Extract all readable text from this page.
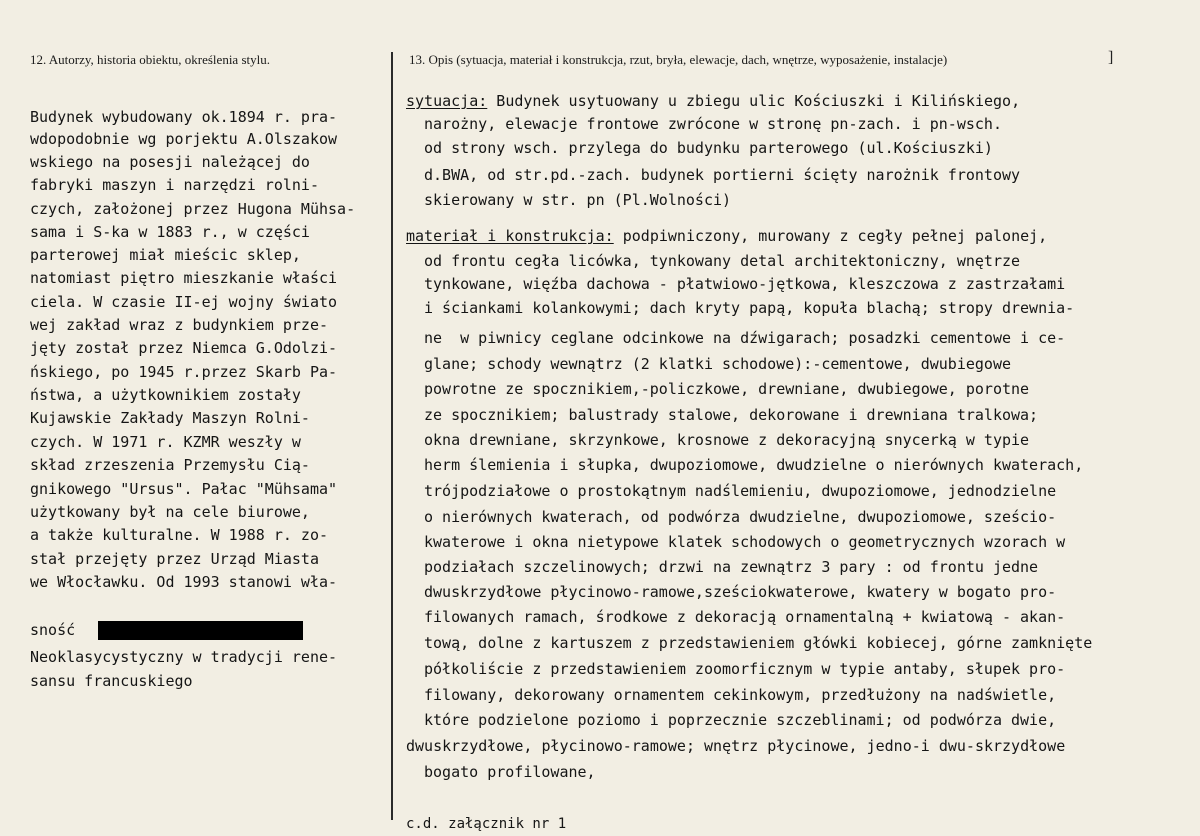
12. Autorzy, historia obiektu, określenia stylu.	13. Opis (sytuacja, materiał i konstrukcja, rzut, bryła, elewacje, dach, wnętrze, wyposażenie, instalacje)	]
Budynek wybudowany ok.1894 r. pra-
wdopodobnie wg porjektu A.Olszakow
wskiego na posesji należącej do
fabryki maszyn i narzędzi rolni-
czych, założonej przez Hugona Mühsa-
sama i S-ka w 1883 r., w części
parterowej miał mieścic sklep,
natomiast piętro mieszkanie właści
ciela. W czasie II-ej wojny świato
wej zakład wraz z budynkiem prze-
jęty został przez Niemca G.Odolzi-
ńskiego, po 1945 r.przez Skarb Pa-
ństwa, a użytkownikiem zostały
Kujawskie Zakłady Maszyn Rolni-
czych. W 1971 r. KZMR weszły w
skład zrzeszenia Przemysłu Cią-
gnikowego "Ursus". Pałac "Mühsama"
użytkowany był na cele biurowe,
a także kulturalne. W 1988 r. zo-
stał przejęty przez Urząd Miasta
we Włocławku. Od 1993 stanowi wła-
sność
Neoklasycystyczny w tradycji rene-
sansu francuskiego
sytuacja: Budynek usytuowany u zbiegu ulic Kościuszki i Kilińskiego,
narożny, elewacje frontowe zwrócone w stronę pn-zach. i pn-wsch.
od strony wsch. przylega do budynku parterowego (ul.Kościuszki)
d.BWA, od str.pd.-zach. budynek portierni ścięty narożnik frontowy
skierowany w str. pn (Pl.Wolności)
materiał i konstrukcja: podpiwniczony, murowany z cegły pełnej palonej,
od frontu cegła licówka, tynkowany detal architektoniczny, wnętrze
tynkowane, więźba dachowa - płatwiowo-jętkowa, kleszczowa z zastrzałami
i ściankami kolankowymi; dach kryty papą, kopuła blachą; stropy drewnia-
ne  w piwnicy ceglane odcinkowe na dźwigarach; posadzki cementowe i ce-
glane; schody wewnątrz (2 klatki schodowe):-cementowe, dwubiegowe
powrotne ze spocznikiem,-policzkowe, drewniane, dwubiegowe, porotne
ze spocznikiem; balustrady stalowe, dekorowane i drewniana tralkowa;
okna drewniane, skrzynkowe, krosnowe z dekoracyjną snycerką w typie
herm ślemienia i słupka, dwupoziomowe, dwudzielne o nierównych kwaterach,
trójpodziałowe o prostokątnym nadślemieniu, dwupoziomowe, jednodzielne
o nierównych kwaterach, od podwórza dwudzielne, dwupoziomowe, sześcio-
kwaterowe i okna nietypowe klatek schodowych o geometrycznych wzorach w
podziałach szczelinowych; drzwi na zewnątrz 3 pary : od frontu jedne
dwuskrzydłowe płycinowo-ramowe,sześciokwaterowe, kwatery w bogato pro-
filowanych ramach, środkowe z dekoracją ornamentalną + kwiatową - akan-
tową, dolne z kartuszem z przedstawieniem główki kobiecej, górne zamknięte
półkoliście z przedstawieniem zoomorficznym w typie antaby, słupek pro-
filowany, dekorowany ornamentem cekinkowym, przedłużony na nadświetle,
które podzielone poziomo i poprzecznie szczeblinami; od podwórza dwie,
dwuskrzydłowe, płycinowo-ramowe; wnętrz płycinowe, jedno-i dwu-skrzydłowe
bogato profilowane,
c.d. załącznik nr 1
